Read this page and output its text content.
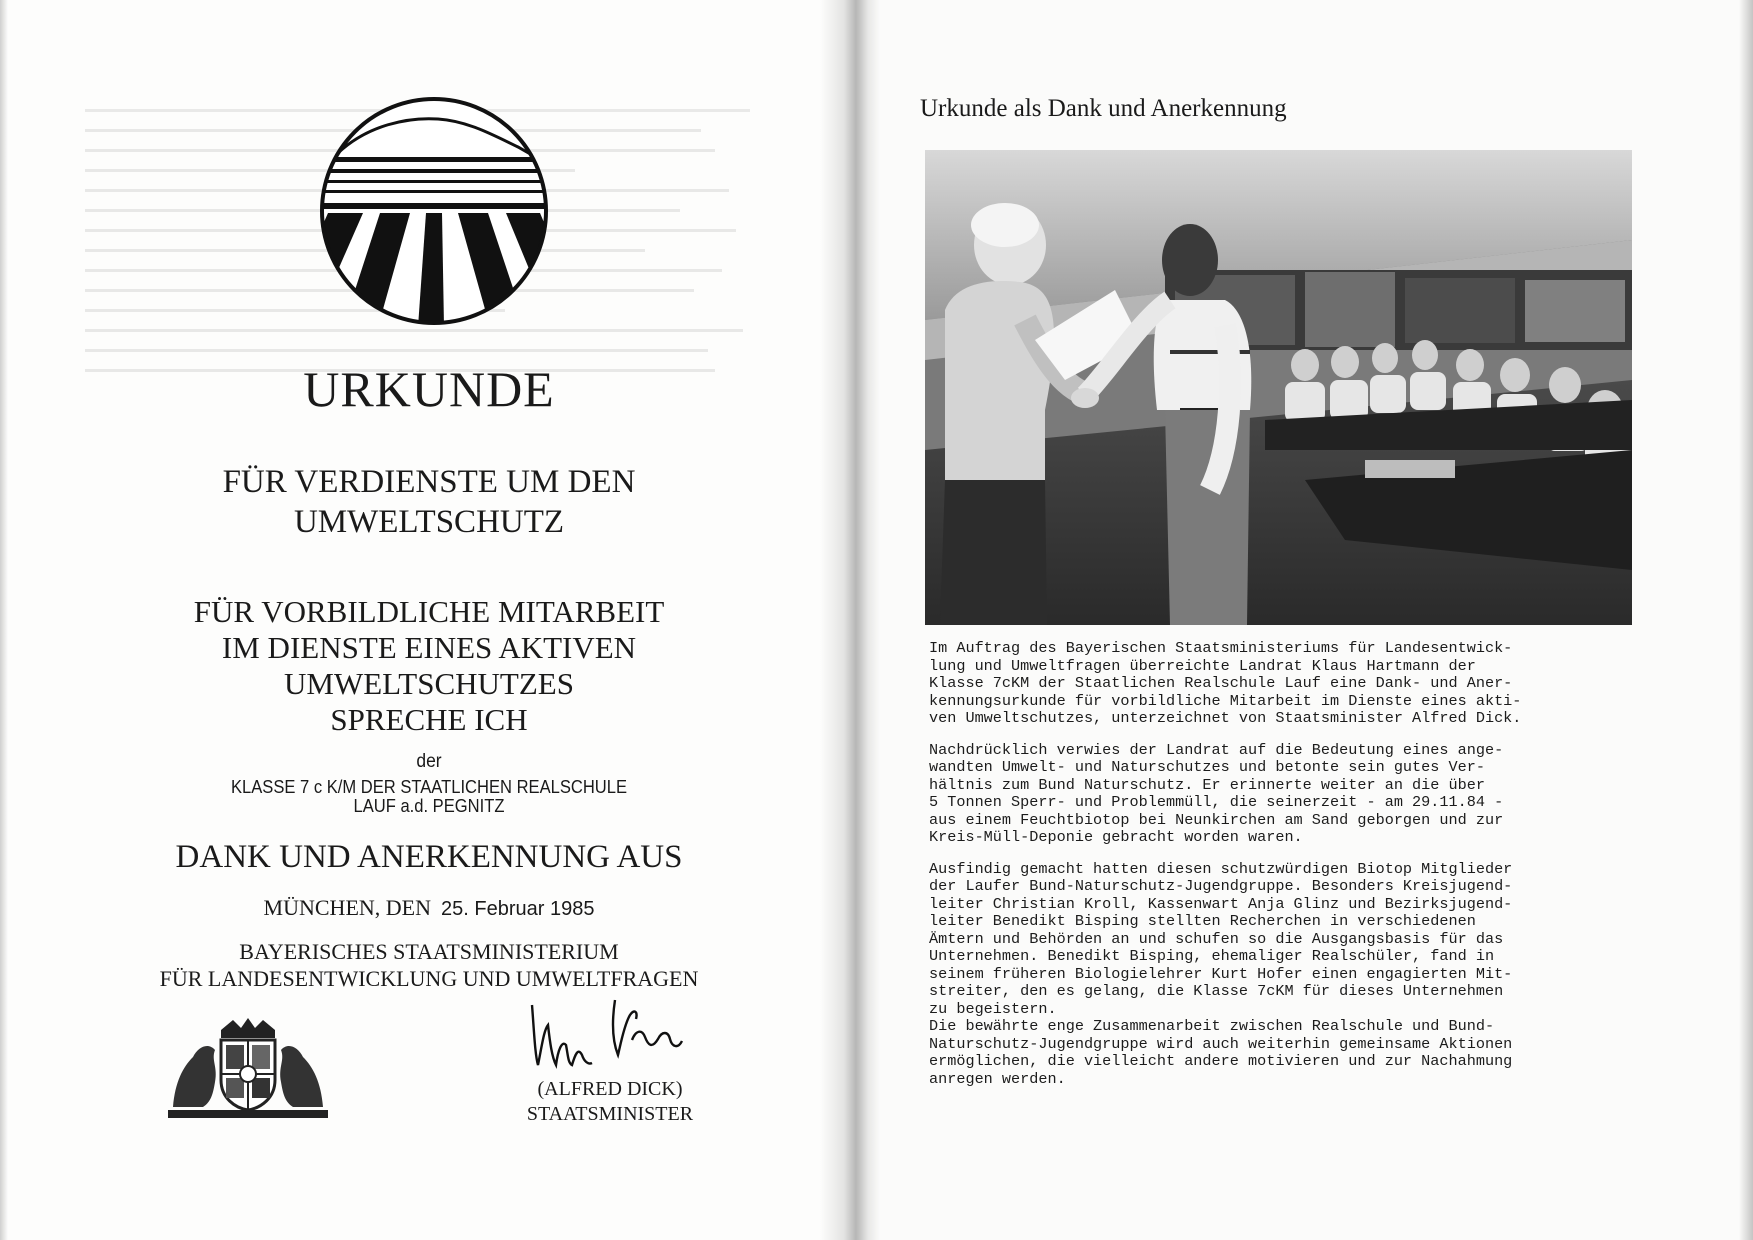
URKUNDE
FÜR VERDIENSTE UM DEN
UMWELTSCHUTZ
FÜR VORBILDLICHE MITARBEIT
IM DIENSTE EINES AKTIVEN
UMWELTSCHUTZES
SPRECHE ICH
der
KLASSE 7 c K/M DER STAATLICHEN REALSCHULE
LAUF a.d. PEGNITZ
DANK UND ANERKENNUNG AUS
MÜNCHEN, DEN 25. Februar 1985
BAYERISCHES STAATSMINISTERIUM
FÜR LANDESENTWICKLUNG UND UMWELTFRAGEN
(ALFRED DICK)
STAATSMINISTER
Urkunde als Dank und Anerkennung

Im Auftrag des Bayerischen Staatsministeriums für Landesentwick-
lung und Umweltfragen überreichte Landrat Klaus Hartmann der
Klasse 7cKM der Staatlichen Realschule Lauf eine Dank- und Aner-
kennungsurkunde für vorbildliche Mitarbeit im Dienste eines akti-
ven Umweltschutzes, unterzeichnet von Staatsminister Alfred Dick.

Nachdrücklich verwies der Landrat auf die Bedeutung eines ange-
wandten Umwelt- und Naturschutzes und betonte sein gutes Ver-
hältnis zum Bund Naturschutz. Er erinnerte weiter an die über
5 Tonnen Sperr- und Problemmüll, die seinerzeit - am 29.11.84 -
aus einem Feuchtbiotop bei Neunkirchen am Sand geborgen und zur
Kreis-Müll-Deponie gebracht worden waren.

Ausfindig gemacht hatten diesen schutzwürdigen Biotop Mitglieder
der Laufer Bund-Naturschutz-Jugendgruppe. Besonders Kreisjugend-
leiter Christian Kroll, Kassenwart Anja Glinz und Bezirksjugend-
leiter Benedikt Bisping stellten Recherchen in verschiedenen
Ämtern und Behörden an und schufen so die Ausgangsbasis für das
Unternehmen. Benedikt Bisping, ehemaliger Realschüler, fand in
seinem früheren Biologielehrer Kurt Hofer einen engagierten Mit-
streiter, den es gelang, die Klasse 7cKM für dieses Unternehmen
zu begeistern.

Die bewährte enge Zusammenarbeit zwischen Realschule und Bund-
Naturschutz-Jugendgruppe wird auch weiterhin gemeinsame Aktionen
ermöglichen, die vielleicht andere motivieren und zur Nachahmung
anregen werden.
